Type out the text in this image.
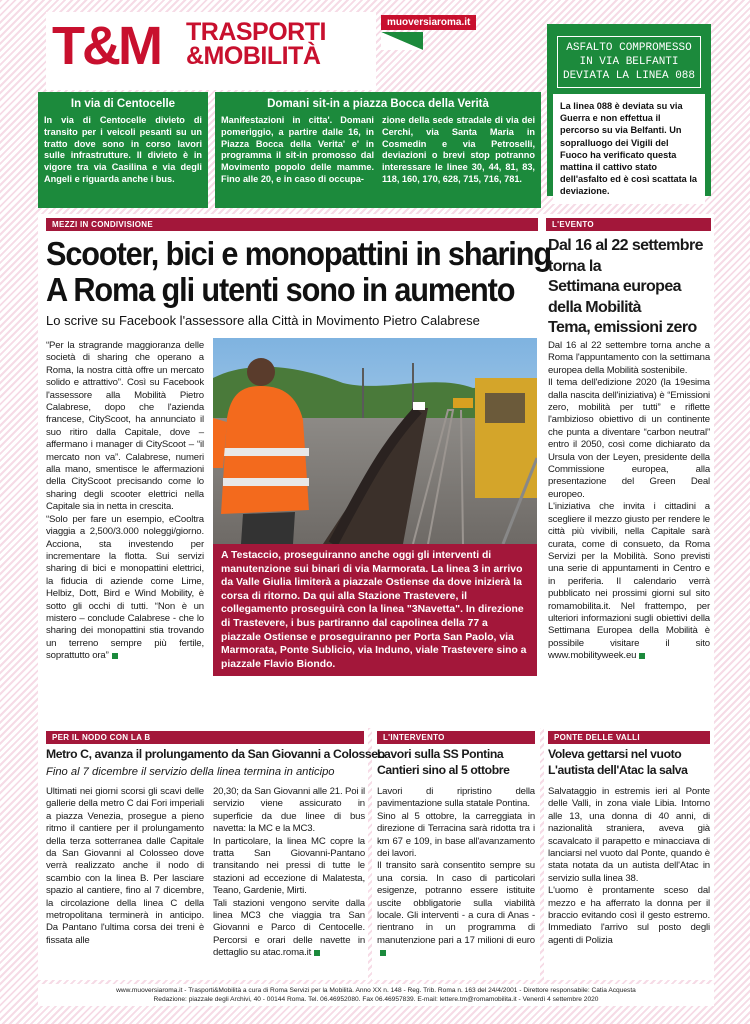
T&M TRASPORTI
&MOBILITÀ
muoversiaroma.it
ASFALTO COMPROMESSO
IN VIA BELFANTI
DEVIATA LA LINEA 088
La linea 088 è deviata su via Guerra e non effettua il percorso su via Belfanti. Un sopralluogo dei Vigili del Fuoco ha verificato questa mattina il cattivo stato dell'asfalto ed è così scattata la deviazione.
In via di Centocelle
In via di Centocelle divieto di transito per i veicoli pesanti su un tratto dove sono in corso lavori sulle infrastrutture. Il divieto è in vigore tra via Casilina e via degli Angeli e riguarda anche i bus.
Domani sit-in a piazza Bocca della Verità
Manifestazioni in citta'. Domani pomeriggio, a partire dalle 16, in Piazza Bocca della Verita' e' in programma il sit-in promosso dal Movimento popolo delle mamme. Fino alle 20, e in caso di occupa-
zione della sede stradale di via dei Cerchi, via Santa Maria in Cosmedin e via Petroselli, deviazioni o brevi stop potranno interessare le linee 30, 44, 81, 83, 118, 160, 170, 628, 715, 716, 781.
MEZZI IN CONDIVISIONE
Scooter, bici e monopattini in sharing
A Roma gli utenti sono in aumento
Lo scrive su Facebook l'assessore alla Città in Movimento Pietro Calabrese

“Per la stragrande maggioranza delle società di sharing che operano a Roma, la nostra città offre un mercato solido e attrattivo”. Così su Facebook l'assessore alla Mobilità Pietro Calabrese, dopo che l'azienda francese, CityScoot, ha annunciato il suo ritiro dalla Capitale, dove – affermano i manager di CityScoot – “il mercato non va”. Calabrese, numeri alla mano, smentisce le affermazioni della CityScoot precisando come lo sharing degli scooter elettrici nella Capitale sia in netta in crescita.

“Solo per fare un esempio, eCooltra viaggia a 2,500/3.000 noleggi/giorno. Acciona, sta investendo per incrementare la flotta. Sui servizi sharing di bici e monopattini elettrici, la fiducia di aziende come Lime, Helbiz, Dott, Bird e Wind Mobility, è sotto gli occhi di tutti. “Non è un mistero – conclude Calabrese - che lo sharing dei monopattini stia trovando un terreno sempre più fertile, soprattutto ora”

A Testaccio, proseguiranno anche oggi gli interventi di manutenzione sui binari di via Marmorata. La linea 3 in arrivo da Valle Giulia limiterà a piazzale Ostiense da dove inizierà la corsa di ritorno. Da qui alla Stazione Trastevere, il collegamento proseguirà con la linea "3Navetta". In direzione di Trastevere, i bus partiranno dal capolinea della 77 a piazzale Ostiense e proseguiranno per Porta San Paolo, via Marmorata, Ponte Sublicio, via Induno, viale Trastevere sino a piazzale Flavio Biondo.
L'EVENTO
Dal 16 al 22 settembre torna la
Settimana europea
della Mobilità
Tema, emissioni zero

Dal 16 al 22 settembre torna anche a Roma l'appuntamento con la settimana europea della Mobilità sostenibile.

Il tema dell'edizione 2020 (la 19esima dalla nascita dell'iniziativa) è “Emissioni zero, mobilità per tutti” e riflette l'ambizioso obiettivo di un continente che punta a diventare “carbon neutral” entro il 2050, così come dichiarato da Ursula von der Leyen, presidente della Commissione europea, alla presentazione del Green Deal europeo.

L'iniziativa che invita i cittadini a scegliere il mezzo giusto per rendere le città più vivibili, nella Capitale sarà curata, come di consueto, da Roma Servizi per la Mobilità. Sono previsti una serie di appuntamenti in Centro e in periferia. Il calendario verrà pubblicato nei prossimi giorni sul sito romamobilita.it. Nel frattempo, per ulteriori informazioni sugli obiettivi della Settimana Europea della Mobilità è possibile visitare il sito www.mobilityweek.eu

PER IL NODO CON LA B
Metro C, avanza il prolungamento da San Giovanni a Colosseo
Fino al 7 dicembre il servizio della linea termina in anticipo
Ultimati nei giorni scorsi gli scavi delle gallerie della metro C dai Fori imperiali a piazza Venezia, prosegue a pieno ritmo il cantiere per il prolungamento della terza sotterranea dalle Capitale da San Giovanni al Colosseo dove verrà realizzato anche il nodo di scambio con la linea B. Per lasciare spazio al cantiere, fino al 7 dicembre, la circolazione della linea C della metropolitana terminerà in anticipo. Da Pantano l'ultima corsa dei treni è fissata alle

20,30; da San Giovanni alle 21. Poi il servizio viene assicurato in superficie da due linee di bus navetta: la MC e la MC3.

In particolare, la linea MC copre la tratta San Giovanni-Pantano transitando nei pressi di tutte le stazioni ad eccezione di Malatesta, Teano, Gardenie, Mirti.

Tali stazioni vengono servite dalla linea MC3 che viaggia tra San Giovanni e Parco di Centocelle. Percorsi e orari delle navette in dettaglio su atac.roma.it

L'INTERVENTO
Lavori sulla SS Pontina
Cantieri sino al 5 ottobre

Lavori di ripristino della pavimentazione sulla statale Pontina.

Sino al 5 ottobre, la carreggiata in direzione di Terracina sarà ridotta tra i km 67 e 109, in base all'avanzamento dei lavori.

Il transito sarà consentito sempre su una corsia. In caso di particolari esigenze, potranno essere istituite uscite obbligatorie sulla viabilità locale. Gli interventi - a cura di Anas - rientrano in un programma di manutenzione pari a 17 milioni di euro

PONTE DELLE VALLI
Voleva gettarsi nel vuoto
L'autista dell'Atac la salva

Salvataggio in estremis ieri al Ponte delle Valli, in zona viale Libia. Intorno alle 13, una donna di 40 anni, di nazionalità straniera, aveva già scavalcato il parapetto e minacciava di lanciarsi nel vuoto dal Ponte, quando è stata notata da un autista dell'Atac in servizio sulla linea 38.

L'uomo è prontamente sceso dal mezzo e ha afferrato la donna per il braccio evitando così il gesto estremo. Immediato l'arrivo sul posto degli agenti di Polizia

www.muoversiaroma.it - Trasporti&Mobilità a cura di Roma Servizi per la Mobilità. Anno XX n. 148 - Reg. Trib. Roma n. 163 del 24/4/2001 - Direttore responsabile: Catia Acquesta
Redazione: piazzale degli Archivi, 40 - 00144 Roma. Tel. 06.46952080. Fax 06.46957839. E-mail: lettere.tm@romamobilita.it - Venerdì 4 settembre 2020
